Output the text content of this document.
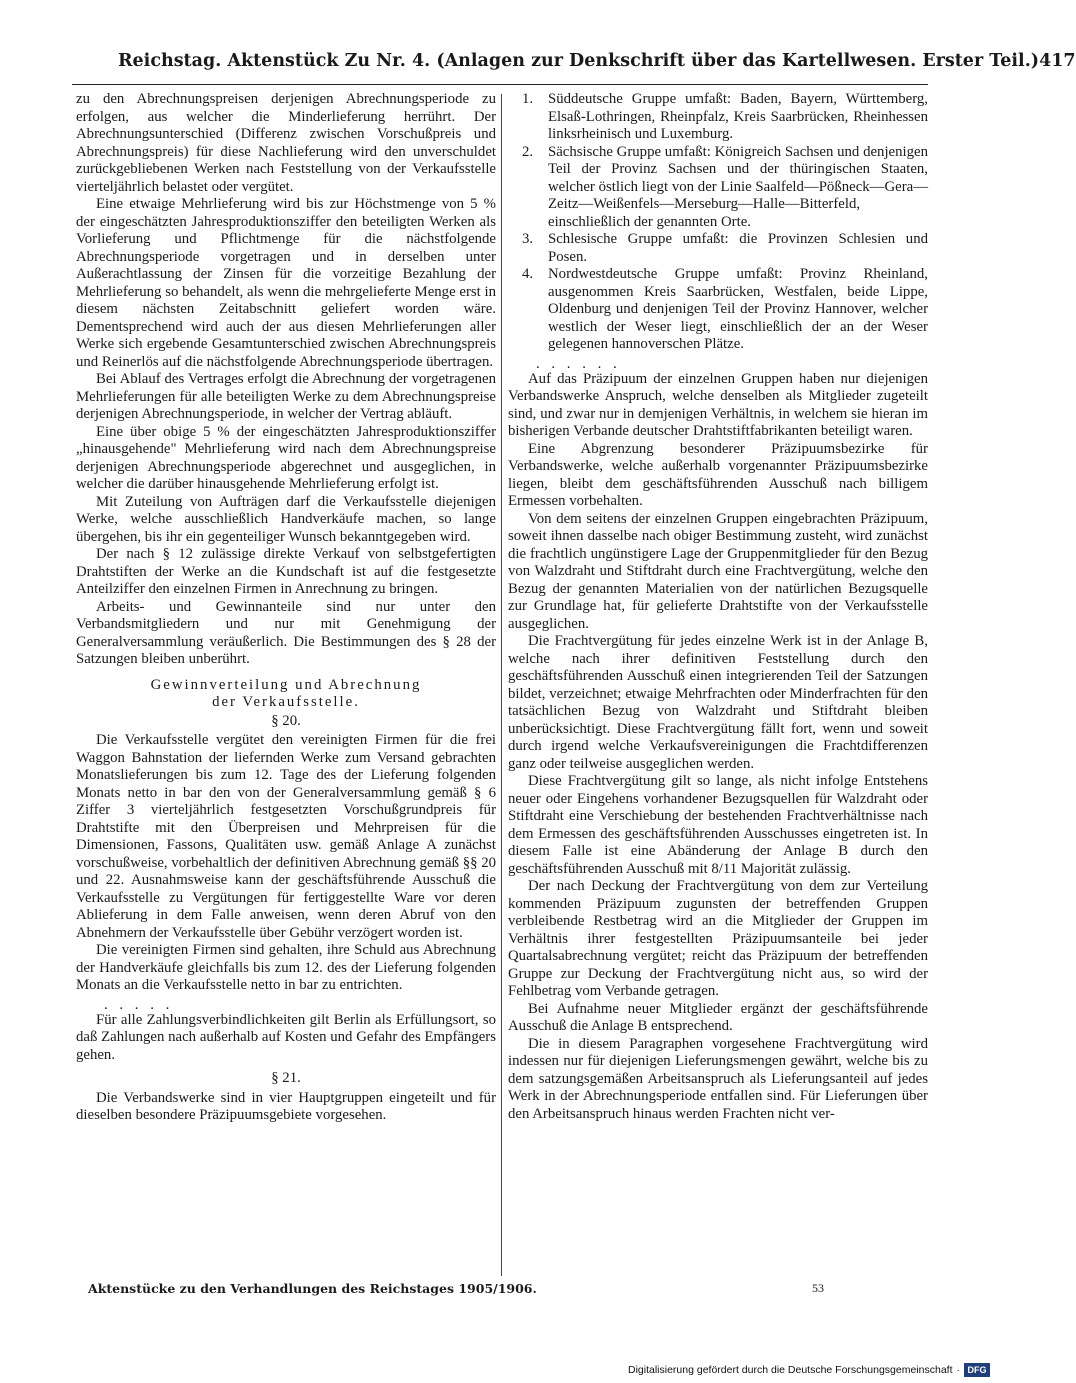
Reichstag. Aktenstück Zu Nr. 4. (Anlagen zur Denkschrift über das Kartellwesen. Erster Teil.) 417

zu den Abrechnungspreisen derjenigen Abrechnungsperiode zu erfolgen, aus welcher die Minderlieferung herrührt. Der Abrechnungsunterschied (Differenz zwischen Vorschußpreis und Abrechnungspreis) für diese Nachlieferung wird den unverschuldet zurückgebliebenen Werken nach Feststellung von der Verkaufsstelle vierteljährlich belastet oder vergütet.

Eine etwaige Mehrlieferung wird bis zur Höchstmenge von 5 % der eingeschätzten Jahresproduktionsziffer den beteiligten Werken als Vorlieferung und Pflichtmenge für die nächstfolgende Abrechnungsperiode vorgetragen und in derselben unter Außerachtlassung der Zinsen für die vorzeitige Bezahlung der Mehrlieferung so behandelt, als wenn die mehrgelieferte Menge erst in diesem nächsten Zeitabschnitt geliefert worden wäre. Dementsprechend wird auch der aus diesen Mehrlieferungen aller Werke sich ergebende Gesamtunterschied zwischen Abrechnungspreis und Reinerlös auf die nächstfolgende Abrechnungsperiode übertragen.

Bei Ablauf des Vertrages erfolgt die Abrechnung der vorgetragenen Mehrlieferungen für alle beteiligten Werke zu dem Abrechnungspreise derjenigen Abrechnungsperiode, in welcher der Vertrag abläuft.

Eine über obige 5 % der eingeschätzten Jahresproduktionsziffer „hinausgehende" Mehrlieferung wird nach dem Abrechnungspreise derjenigen Abrechnungsperiode abgerechnet und ausgeglichen, in welcher die darüber hinausgehende Mehrlieferung erfolgt ist.

Mit Zuteilung von Aufträgen darf die Verkaufsstelle diejenigen Werke, welche ausschließlich Handverkäufe machen, so lange übergehen, bis ihr ein gegenteiliger Wunsch bekanntgegeben wird.

Der nach § 12 zulässige direkte Verkauf von selbstgefertigten Drahtstiften der Werke an die Kundschaft ist auf die festgesetzte Anteilziffer den einzelnen Firmen in Anrechnung zu bringen.

Arbeits- und Gewinnanteile sind nur unter den Verbandsmitgliedern und nur mit Genehmigung der Generalversammlung veräußerlich. Die Bestimmungen des § 28 der Satzungen bleiben unberührt.

Gewinnverteilung und Abrechnung
der Verkaufsstelle.
§ 20.

Die Verkaufsstelle vergütet den vereinigten Firmen für die frei Waggon Bahnstation der liefernden Werke zum Versand gebrachten Monatslieferungen bis zum 12. Tage des der Lieferung folgenden Monats netto in bar den von der Generalversammlung gemäß § 6 Ziffer 3 vierteljährlich festgesetzten Vorschußgrundpreis für Drahtstifte mit den Überpreisen und Mehrpreisen für die Dimensionen, Fassons, Qualitäten usw. gemäß Anlage A zunächst vorschußweise, vorbehaltlich der definitiven Abrechnung gemäß §§ 20 und 22. Ausnahmsweise kann der geschäftsführende Ausschuß die Verkaufsstelle zu Vergütungen für fertiggestellte Ware vor deren Ablieferung in dem Falle anweisen, wenn deren Abruf von den Abnehmern der Verkaufsstelle über Gebühr verzögert worden ist.

Die vereinigten Firmen sind gehalten, ihre Schuld aus Abrechnung der Handverkäufe gleichfalls bis zum 12. des der Lieferung folgenden Monats an die Verkaufsstelle netto in bar zu entrichten.

. . . . .

Für alle Zahlungsverbindlichkeiten gilt Berlin als Erfüllungsort, so daß Zahlungen nach außerhalb auf Kosten und Gefahr des Empfängers gehen.

§ 21.

Die Verbandswerke sind in vier Hauptgruppen eingeteilt und für dieselben besondere Präzipuumsgebiete vorgesehen.

1. Süddeutsche Gruppe umfaßt: Baden, Bayern, Württemberg, Elsaß-Lothringen, Rheinpfalz, Kreis Saarbrücken, Rheinhessen linksrheinisch und Luxemburg.
2. Sächsische Gruppe umfaßt: Königreich Sachsen und denjenigen Teil der Provinz Sachsen und der thüringischen Staaten, welcher östlich liegt von der Linie Saalfeld—Pößneck—Gera—Zeitz—Weißenfels—Merseburg—Halle—Bitterfeld, einschließlich der genannten Orte.
3. Schlesische Gruppe umfaßt: die Provinzen Schlesien und Posen.
4. Nordwestdeutsche Gruppe umfaßt: Provinz Rheinland, ausgenommen Kreis Saarbrücken, Westfalen, beide Lippe, Oldenburg und denjenigen Teil der Provinz Hannover, welcher westlich der Weser liegt, einschließlich der an der Weser gelegenen hannoverschen Plätze.
. . . . . .

Auf das Präzipuum der einzelnen Gruppen haben nur diejenigen Verbandswerke Anspruch, welche denselben als Mitglieder zugeteilt sind, und zwar nur in demjenigen Verhältnis, in welchem sie hieran im bisherigen Verbande deutscher Drahtstiftfabrikanten beteiligt waren.

Eine Abgrenzung besonderer Präzipuumsbezirke für Verbandswerke, welche außerhalb vorgenannter Präzipuumsbezirke liegen, bleibt dem geschäftsführenden Ausschuß nach billigem Ermessen vorbehalten.

Von dem seitens der einzelnen Gruppen eingebrachten Präzipuum, soweit ihnen dasselbe nach obiger Bestimmung zusteht, wird zunächst die frachtlich ungünstigere Lage der Gruppenmitglieder für den Bezug von Walzdraht und Stiftdraht durch eine Frachtvergütung, welche den Bezug der genannten Materialien von der natürlichen Bezugsquelle zur Grundlage hat, für gelieferte Drahtstifte von der Verkaufsstelle ausgeglichen.

Die Frachtvergütung für jedes einzelne Werk ist in der Anlage B, welche nach ihrer definitiven Feststellung durch den geschäftsführenden Ausschuß einen integrierenden Teil der Satzungen bildet, verzeichnet; etwaige Mehrfrachten oder Minderfrachten für den tatsächlichen Bezug von Walzdraht und Stiftdraht bleiben unberücksichtigt. Diese Frachtvergütung fällt fort, wenn und soweit durch irgend welche Verkaufsvereinigungen die Frachtdifferenzen ganz oder teilweise ausgeglichen werden.

Diese Frachtvergütung gilt so lange, als nicht infolge Entstehens neuer oder Eingehens vorhandener Bezugsquellen für Walzdraht oder Stiftdraht eine Verschiebung der bestehenden Frachtverhältnisse nach dem Ermessen des geschäftsführenden Ausschusses eingetreten ist. In diesem Falle ist eine Abänderung der Anlage B durch den geschäftsführenden Ausschuß mit 8/11 Majorität zulässig.

Der nach Deckung der Frachtvergütung von dem zur Verteilung kommenden Präzipuum zugunsten der betreffenden Gruppen verbleibende Restbetrag wird an die Mitglieder der Gruppen im Verhältnis ihrer festgestellten Präzipuumsanteile bei jeder Quartalsabrechnung vergütet; reicht das Präzipuum der betreffenden Gruppe zur Deckung der Frachtvergütung nicht aus, so wird der Fehlbetrag vom Verbande getragen.

Bei Aufnahme neuer Mitglieder ergänzt der geschäftsführende Ausschuß die Anlage B entsprechend.

Die in diesem Paragraphen vorgesehene Frachtvergütung wird indessen nur für diejenigen Lieferungsmengen gewährt, welche bis zu dem satzungsgemäßen Arbeitsanspruch als Lieferungsanteil auf jedes Werk in der Abrechnungsperiode entfallen sind. Für Lieferungen über den Arbeitsanspruch hinaus werden Frachten nicht ver-

Aktenstücke zu den Verhandlungen des Reichstages 1905/1906.	53
Digitalisierung gefördert durch die Deutsche Forschungsgemeinschaft · DFG
